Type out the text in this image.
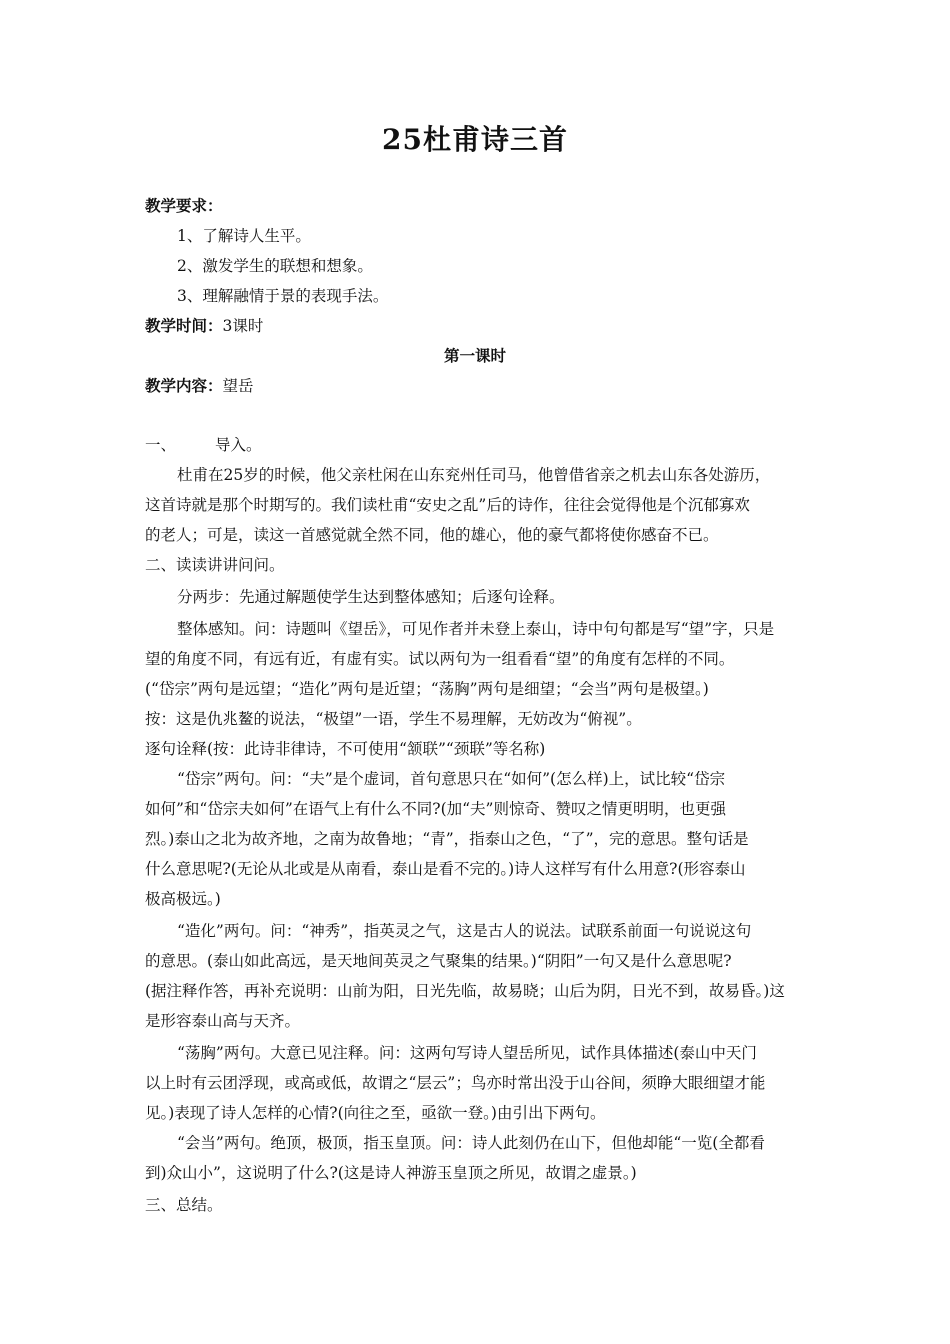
25杜甫诗三首
教学要求：
1、了解诗人生平。
2、激发学生的联想和想象。
3、理解融情于景的表现手法。
教学时间：3课时
第一课时
教学内容：望岳
一、	导入。
杜甫在25岁的时候，他父亲杜闲在山东兖州任司马，他曾借省亲之机去山东各处游历，
这首诗就是那个时期写的。我们读杜甫“安史之乱”后的诗作，往往会觉得他是个沉郁寡欢
的老人；可是，读这一首感觉就全然不同，他的雄心，他的豪气都将使你感奋不已。
二、读读讲讲问问。
分两步：先通过解题使学生达到整体感知；后逐句诠释。
整体感知。问：诗题叫《望岳》，可见作者并未登上泰山，诗中句句都是写“望”字，只是
望的角度不同，有远有近，有虚有实。试以两句为一组看看“望”的角度有怎样的不同。
(“岱宗”两句是远望；“造化”两句是近望；“荡胸”两句是细望；“会当”两句是极望。)
按：这是仇兆鳌的说法，“极望”一语，学生不易理解，无妨改为“俯视”。
逐句诠释(按：此诗非律诗，不可使用“颔联”“颈联”等名称)
“岱宗”两句。问：“夫”是个虚词，首句意思只在“如何”(怎么样)上，试比较“岱宗
如何”和“岱宗夫如何”在语气上有什么不同?(加“夫”则惊奇、赞叹之情更明明，也更强
烈。)泰山之北为故齐地，之南为故鲁地；“青”，指泰山之色，“了”，完的意思。整句话是
什么意思呢?(无论从北或是从南看，泰山是看不完的。)诗人这样写有什么用意?(形容泰山
极高极远。)
“造化”两句。问：“神秀”，指英灵之气，这是古人的说法。试联系前面一句说说这句
的意思。(泰山如此高远，是天地间英灵之气聚集的结果。)“阴阳”一句又是什么意思呢?
(据注释作答，再补充说明：山前为阳，日光先临，故易晓；山后为阴，日光不到，故易昏。)这
是形容泰山高与天齐。
“荡胸”两句。大意已见注释。问：这两句写诗人望岳所见，试作具体描述(泰山中天门
以上时有云团浮现，或高或低，故谓之“层云”；鸟亦时常出没于山谷间，须睁大眼细望才能
见。)表现了诗人怎样的心情?(向往之至，亟欲一登。)由引出下两句。
“会当”两句。绝顶，极顶，指玉皇顶。问：诗人此刻仍在山下，但他却能“一览(全都看
到)众山小”，这说明了什么?(这是诗人神游玉皇顶之所见，故谓之虚景。)
三、总结。
